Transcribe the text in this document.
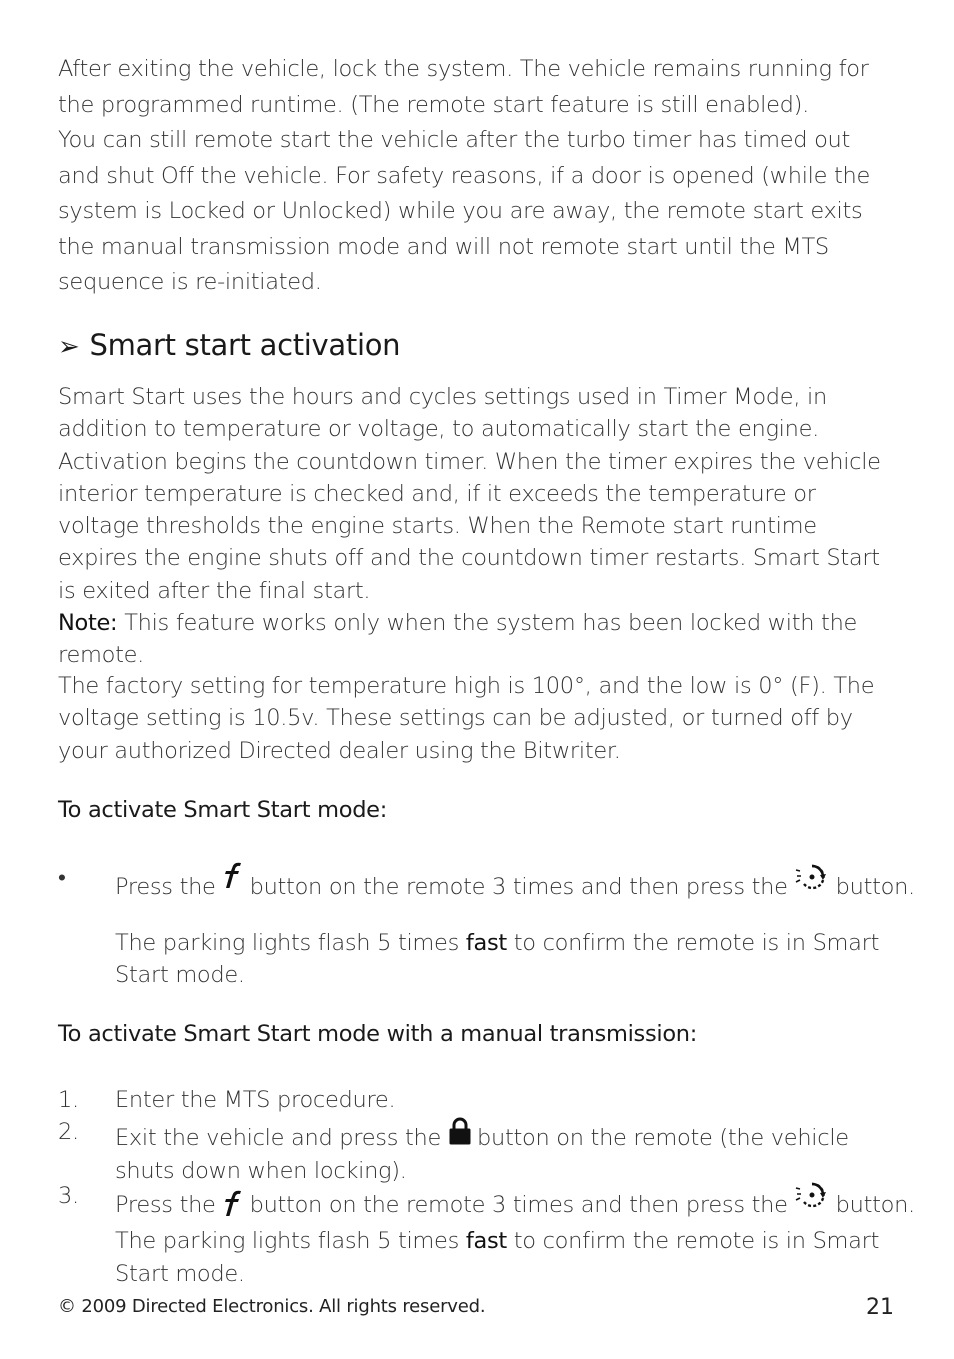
After exiting the vehicle, lock the system. The vehicle remains running for the programmed runtime. (The remote start feature is still enabled).

You can still remote start the vehicle after the turbo timer has timed out and shut Off the vehicle. For safety reasons, if a door is opened (while the system is Locked or Unlocked) while you are away, the remote start exits the manual transmission mode and will not remote start until the MTS sequence is re-initiated.

➢ Smart start activation

Smart Start uses the hours and cycles settings used in Timer Mode, in addition to temperature or voltage, to automatically start the engine. Activation begins the countdown timer. When the timer expires the vehicle interior temperature is checked and, if it exceeds the temperature or voltage thresholds the engine starts. When the Remote start runtime expires the engine shuts off and the countdown timer restarts. Smart Start is exited after the final start.

Note: This feature works only when the system has been locked with the remote.

The factory setting for temperature high is 100°, and the low is 0° (F). The voltage setting is 10.5v. These settings can be adjusted, or turned off by your authorized Directed dealer using the Bitwriter.

To activate Smart Start mode:
• Press the button on the remote 3 times and then press the button.
The parking lights flash 5 times fast to confirm the remote is in Smart Start mode.
To activate Smart Start mode with a manual transmission:
1. Enter the MTS procedure.
2. Exit the vehicle and press the button on the remote (the vehicle shuts down when locking).
3. Press the button on the remote 3 times and then press the button.
The parking lights flash 5 times fast to confirm the remote is in Smart Start mode.
© 2009 Directed Electronics. All rights reserved.	21
